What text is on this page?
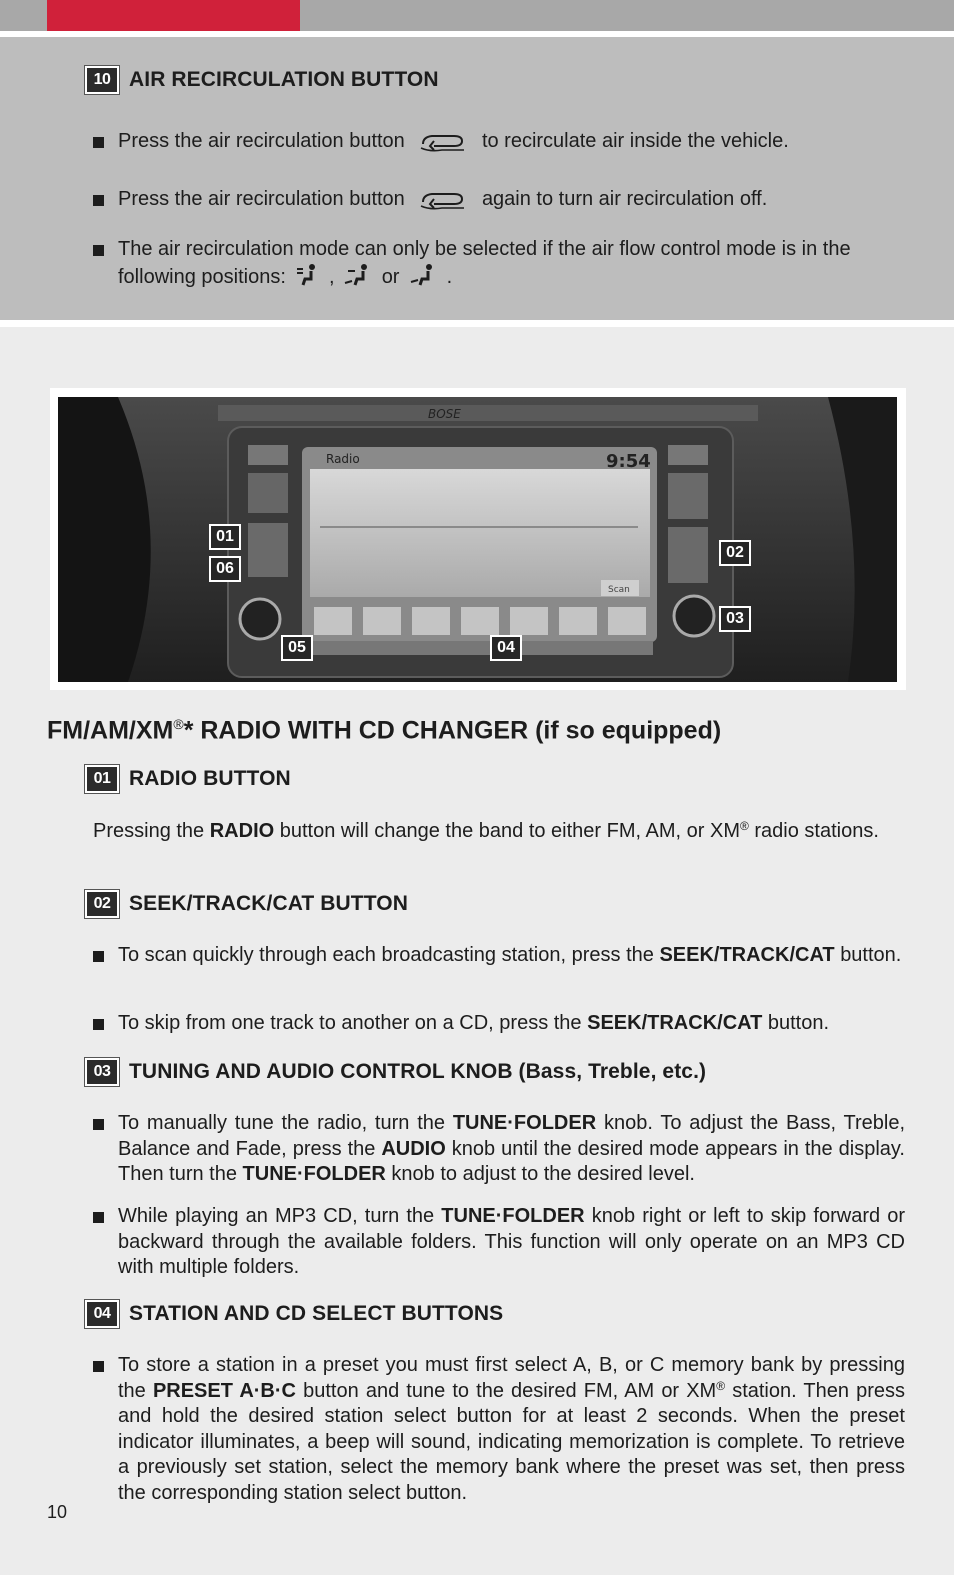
10 AIR RECIRCULATION BUTTON
Press the air recirculation button	to recirculate air inside the vehicle.
Press the air recirculation button	again to turn air recirculation off.
The air recirculation mode can only be selected if the air flow control mode is in the
following positions: , or .
BOSE
Radio	9:54
Scan
01
06
02
03
05	04
FM/AM/XM®* RADIO WITH CD CHANGER (if so equipped)
01 RADIO BUTTON
Pressing the RADIO button will change the band to either FM, AM, or XM® radio stations.
02 SEEK/TRACK/CAT BUTTON
To scan quickly through each broadcasting station, press the SEEK/TRACK/CAT button.
To skip from one track to another on a CD, press the SEEK/TRACK/CAT button.
03 TUNING AND AUDIO CONTROL KNOB (Bass, Treble, etc.)
To manually tune the radio, turn the TUNE·FOLDER knob. To adjust the Bass, Treble, Balance and Fade, press the AUDIO knob until the desired mode appears in the display. Then turn the TUNE·FOLDER knob to adjust to the desired level.
While playing an MP3 CD, turn the TUNE·FOLDER knob right or left to skip forward or backward through the available folders. This function will only operate on an MP3 CD with multiple folders.
04 STATION AND CD SELECT BUTTONS
To store a station in a preset you must first select A, B, or C memory bank by pressing the PRESET A·B·C button and tune to the desired FM, AM or XM® station. Then press and hold the desired station select button for at least 2 seconds. When the preset indicator illuminates, a beep will sound, indicating memorization is complete. To retrieve a previously set station, select the memory bank where the preset was set, then press the corresponding station select button.
10
